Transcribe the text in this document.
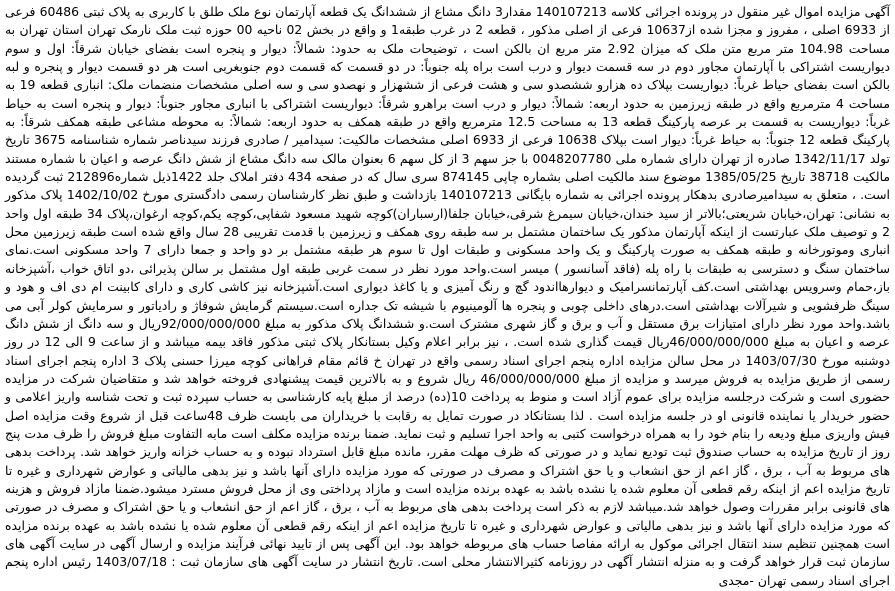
آگهی مزایده اموال غیر منقول در پرونده اجرائی کلاسه 140107213 مقدار3 دانگ مشاع از ششدانگ یک قطعه آپارتمان نوع ملک طلق با کاربری به پلاک ثبتی 60486 فرعی از 6933 اصلی ، مفروز و مجزا شده از10637 فرعی از اصلی مذکور ، قطعه 2 در غرب طبقه1 و واقع در بخش 02 ناحیه 00 حوزه ثبت ملک نارمک تهران استان تهران به مساحت 104.98 متر مربع متن ملک که میزان 2.92 متر مربع ان بالکن است ، توضیحات ملک به حدود: شمالاً: دیوار و پنجره است بفضای خیابان شرقاً: اول و سوم دیواریست اشتراکی با آپارتمان مجاور دوم در سه قسمت دیوار و درب است براه پله جنوباً: در دو قسمت که قسمت دوم جنوبغربی است هر دو قسمت دیوار و پنجره و لبه بالکن است بفضای حیاط غرباً: دیواریست بپلاک ده هزارو ششصدو سی و هشت فرعی از ششهزار و نهصدو سی و سه اصلی مشخصات منضمات ملک: انباری قطعه 19 به مساحت 4 مترمربع واقع در طبقه زیرزمین به حدود اربعه: شمالاً: دیوار و درب است براهرو شرقاً: دیواریست اشتراکی با انباری مجاور جنوباً: دیوار و پنجره است به حیاط غرباً: دیواریست به قسمت بر عرصه پارکینگ قطعه 13 به مساحت 12.5 مترمربع واقع در طبقه همکف به حدود اربعه: شمالاً: به محوطه مشاعی طبقه همکف شرقاً: به پارکینگ قطعه 12 جنوباً: به حیاط غرباً: دیوار است بپلاک 10638 فرعی از 6933 اصلی مشخصات مالکیت: سیدامیر / صادری فرزند سیدناصر شماره شناسنامه 3675 تاریخ تولد 1342/11/17 صادره از تهران دارای شماره ملی 0048207780 با جز سهم 3 از کل سهم 6 بعنوان مالک سه دانگ مشاع از شش دانگ عرصه و اعیان با شماره مستند مالکیت 38718 تاریخ 1385/05/25 موضوع سند مالکیت اصلی بشماره چاپی 874145 سری سال که در صفحه 434 دفتر املاک جلد 1422ذیل شماره212896 ثبت گردیده است. ، متعلق به سیدامیرصادری بدهکار پرونده اجرائی به شماره بایگانی 140107213 بازداشت و طبق نظر کارشناسان رسمی دادگستری مورخ 1402/10/02 پلاک مذکور به نشانی: تهران،خیابان شریعتی؛بالاتر از سید خندان،خیابان سیمرغ شرقی،خیابان جلفا(ارسباران)کوچه شهید مسعود شفاپی،کوچه یکم،کوچه ارغوان،پلاک 34 طبقه اول واحد 2 و توصیف ملک عبارتست از اینکه آپارتمان مذکور یک ساختمان مشتمل بر سه طبقه روی همکف و زیرزمین با قدمت تقریبی 28 سال واقع شده است طبقه زیرزمین محل انباری وموتورخانه و طبقه همکف به صورت پارکینگ و یک واحد مسکونی و طبقات اول تا سوم هر طبقه مشتمل بر دو واحد و جمعا دارای 7 واحد مسکونی است.نمای ساختمان سنگ و دسترسی به طبقات با راه پله (فاقد آسانسور ) میسر است.واحد مورد نظر در سمت غربی طبقه اول مشتمل بر سالن پذیرائی ،دو اتاق خواب ،آشپزخانه باز،حمام وسرویس بهداشتی است.کف آپارتمانسرامیک و دیوارهااندود گچ و رنگ آمیزی و یا کاغذ دیواری است.آشپزخانه نیز کاشی کاری و دارای کابینت ام دی اف و هود و سینگ ظرفشویی و شیرآلات بهداشتی است.درهای داخلی چوبی و پنجره ها آلومینیوم با شیشه تک جداره است.سیستم گرمایش شوفاژ و رادیاتور و سرمایش کولر آبی می باشد.واحد مورد نظر دارای امتیازات برق مستقل و آب و برق و گاز شهری مشترک است.و ششدانگ پلاک مذکور به مبلغ 92/000/000/000ریال و سه دانگ از شش دانگ عرصه و اعیان به مبلغ 46/000/000/000ریال قیمت گذاری شده است. ، نیز برابر اعلام وکیل بستانکار پلاک ثبتی مذکور فاقد بیمه میباشد و از ساعت 9 الی 12 در روز دوشنبه مورخ 1403/07/30 در محل سالن مزایده اداره پنجم اجرای اسناد رسمی واقع در تهران خ قائم مقام فراهانی کوچه میرزا حسنی پلاک 3 اداره پنجم اجرای اسناد رسمی از طریق مزایده به فروش میرسد و مزایده از مبلغ 46/000/000/000 ریال شروع و به بالاترین قیمت پیشنهادی فروخته خواهد شد و متقاضیان شرکت در مزایده حضوری است و شرکت درجلسه مزایده برای عموم آزاد است و منوط به پرداخت 10(ده) درصد از مبلغ پایه کارشناسی به حساب سپرده ثبت و تحت شناسه واریز اعلامی و حضور خریدار یا نماینده قانونی او در جلسه مزایده است . لذا بستانکاد در صورت تمایل به رقابت با خریداران می بایست ظرف 48ساعت قبل از شروع وقت مزایده اصل فیش واریزی مبلغ ودیعه را بنام خود را به همراه درخواست کتبی به واحد اجرا تسلیم و ثبت نماید. ضمنا برنده مزایده مکلف است مابه التفاوت مبلغ فروش را ظرف مدت پنج روز از تاریخ مزایده به حساب صندوق ثبت تودیع نماید و در صورتی که ظرف مهلت مقرر، مانده مبلغ قابل استرداد نبوده و به حساب خزانه واریز خواهد شد. پرداخت بدهی های مربوط به آب ، برق ، گاز اعم از حق انشعاب و یا حق اشتراک و مصرف در صورتی که مورد مزایده دارای آنها باشد و نیز بدهی مالیاتی و عوارض شهرداری و غیره تا تاریخ مزایده اعم از اینکه رقم قطعی آن معلوم شده یا نشده باشد به عهده برنده مزایده است و مازاد پرداختی وی از محل فروش مسترد میشود.ضمنا مازاد فروش و هزینه های قانونی برابر مقررات وصول خواهد شد.میباشد لازم به ذکر است پرداخت بدهی های مربوط به آب ، برق ، گاز اعم از حق انشعاب و یا حق اشتراک و مصرف در صورتی که مورد مزایده دارای آنها باشد و نیز بدهی مالیاتی و عوارض شهرداری و غیره تا تاریخ مزایده اعم از اینکه رقم قطعی آن معلوم شده یا نشده باشد به عهده برنده مزایده است همچنین تنظیم سند انتقال اجرائی موکول به ارائه مفاصا حساب های مربوطه خواهد بود. این آگهی پس از تایید نهائی فرآیند مزایده و ارسال آگهی در سایت آگهی های سازمان ثبت قرار خواهد گرفت و به منزله انتشار آگهی در روزنامه کثیرالانتشار محلی است. تاریخ انتشار در سایت آگهی های سازمان ثبت : 1403/07/18 رئیس اداره پنجم اجرای اسناد رسمی تهران -مجدی
